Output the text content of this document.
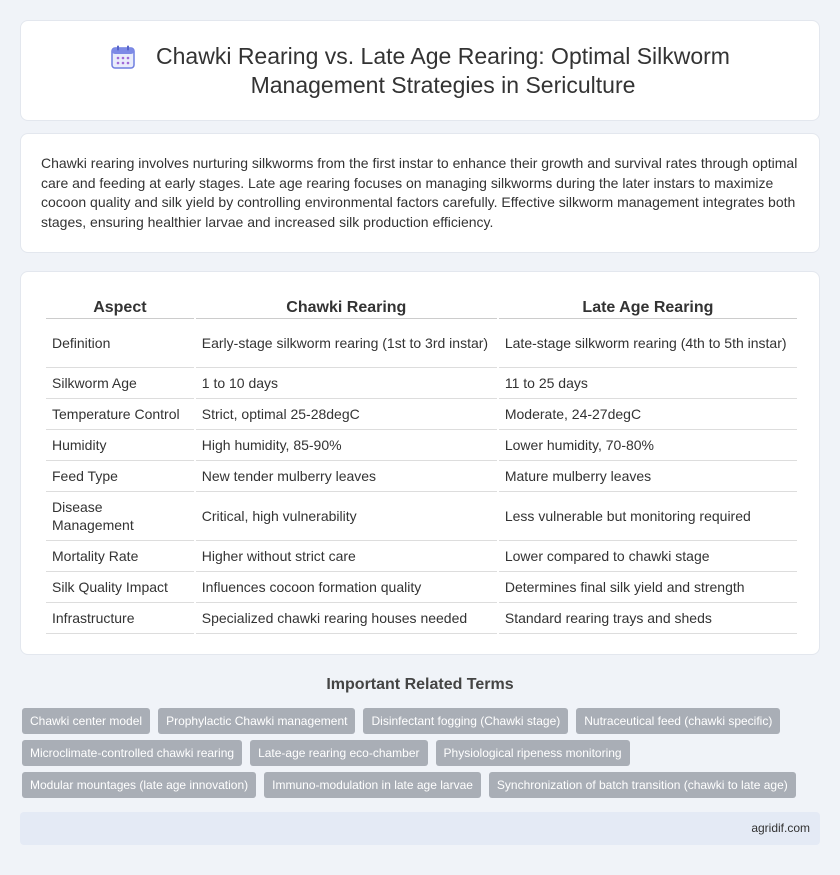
Chawki Rearing vs. Late Age Rearing: Optimal Silkworm
Management Strategies in Sericulture

Chawki rearing involves nurturing silkworms from the first instar to enhance their growth and survival rates through optimal care and feeding at early stages. Late age rearing focuses on managing silkworms during the later instars to maximize cocoon quality and silk yield by controlling environmental factors carefully. Effective silkworm management integrates both stages, ensuring healthier larvae and increased silk production efficiency.

Aspect	Chawki Rearing	Late Age Rearing
Definition	Early-stage silkworm rearing (1st to 3rd instar)	Late-stage silkworm rearing (4th to 5th instar)
Silkworm Age	1 to 10 days	11 to 25 days
Temperature Control	Strict, optimal 25-28degC	Moderate, 24-27degC
Humidity	High humidity, 85-90%	Lower humidity, 70-80%
Feed Type	New tender mulberry leaves	Mature mulberry leaves
Disease Management	Critical, high vulnerability	Less vulnerable but monitoring required
Mortality Rate	Higher without strict care	Lower compared to chawki stage
Silk Quality Impact	Influences cocoon formation quality	Determines final silk yield and strength
Infrastructure	Specialized chawki rearing houses needed	Standard rearing trays and sheds
Important Related Terms
Chawki center model	Prophylactic Chawki management	Disinfectant fogging (Chawki stage)	Nutraceutical feed (chawki specific)
Microclimate-controlled chawki rearing	Late-age rearing eco-chamber	Physiological ripeness monitoring
Modular mountages (late age innovation)	Immuno-modulation in late age larvae	Synchronization of batch transition (chawki to late age)
agridif.com
